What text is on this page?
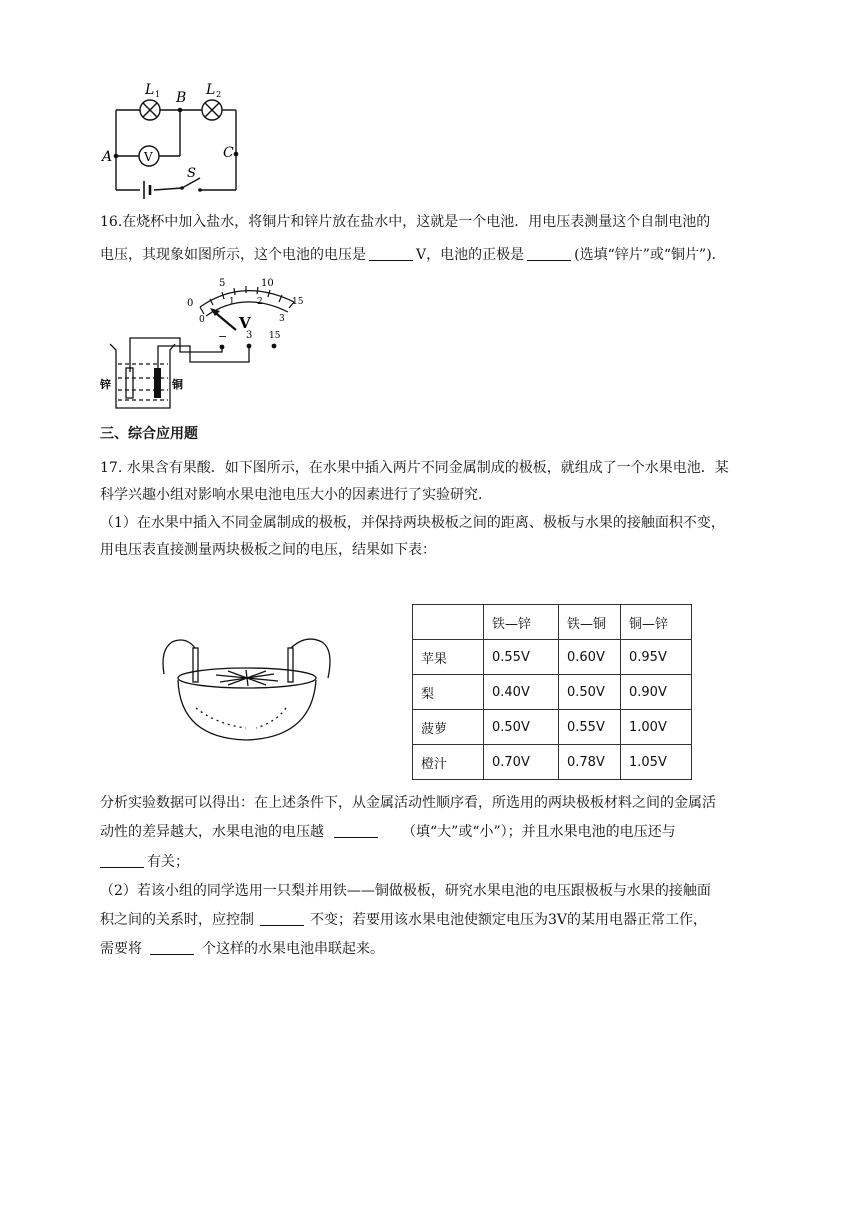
L 1	L 2
B
A	C
S
V
16.在烧杯中加入盐水，将铜片和锌片放在盐水中，这就是一个电池．用电压表测量这个自制电池的
电压，其现象如图所示，这个电池的电压是	V，电池的正极是	(选填“锌片”或“铜片”)．
0
5	10
15
0
1 2
3
V
− 3 15
锌	铜
三、综合应用题
17. 水果含有果酸．如下图所示，在水果中插入两片不同金属制成的极板，就组成了一个水果电池．某
科学兴趣小组对影响水果电池电压大小的因素进行了实验研究．
（1）在水果中插入不同金属制成的极板，并保持两块极板之间的距离、极板与水果的接触面积不变，
用电压表直接测量两块极板之间的电压，结果如下表：
	铁—锌	铁—铜	铜—锌
苹果	0.55V	0.60V	0.95V
梨	0.40V	0.50V	0.90V
菠萝	0.50V	0.55V	1.00V
橙汁	0.70V	0.78V	1.05V
分析实验数据可以得出：在上述条件下，从金属活动性顺序看，所选用的两块极板材料之间的金属活
动性的差异越大，水果电池的电压越	（填“大”或“小”）；并且水果电池的电压还与
有关；
（2）若该小组的同学选用一只梨并用铁——铜做极板，研究水果电池的电压跟极板与水果的接触面
积之间的关系时，应控制	不变；若要用该水果电池使额定电压为3V的某用电器正常工作，
需要将	个这样的水果电池串联起来。
